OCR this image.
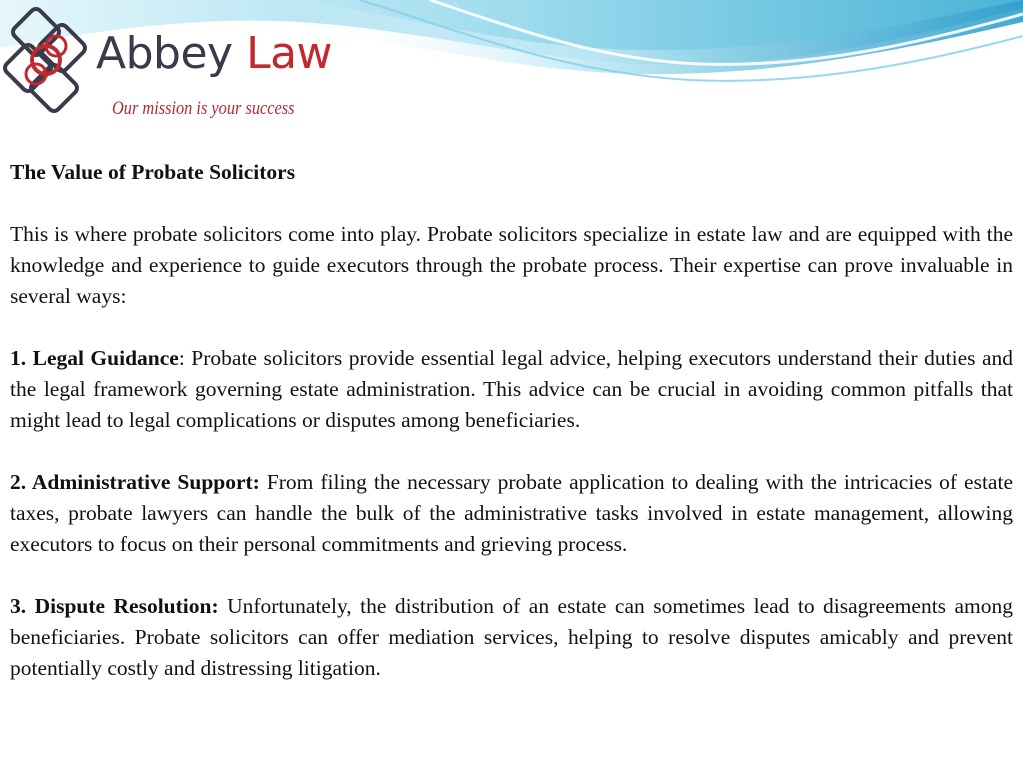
Abbey Law
Our mission is your success
The Value of Probate Solicitors

This is where probate solicitors come into play. Probate solicitors specialize in estate law and are equipped with the knowledge and experience to guide executors through the probate process. Their expertise can prove invaluable in several ways:

1. Legal Guidance: Probate solicitors provide essential legal advice, helping executors understand their duties and the legal framework governing estate administration. This advice can be crucial in avoiding common pitfalls that might lead to legal complications or disputes among beneficiaries.

2. Administrative Support: From filing the necessary probate application to dealing with the intricacies of estate taxes, probate lawyers can handle the bulk of the administrative tasks involved in estate management, allowing executors to focus on their personal commitments and grieving process.

3. Dispute Resolution: Unfortunately, the distribution of an estate can sometimes lead to disagreements among beneficiaries. Probate solicitors can offer mediation services, helping to resolve disputes amicably and prevent potentially costly and distressing litigation.
